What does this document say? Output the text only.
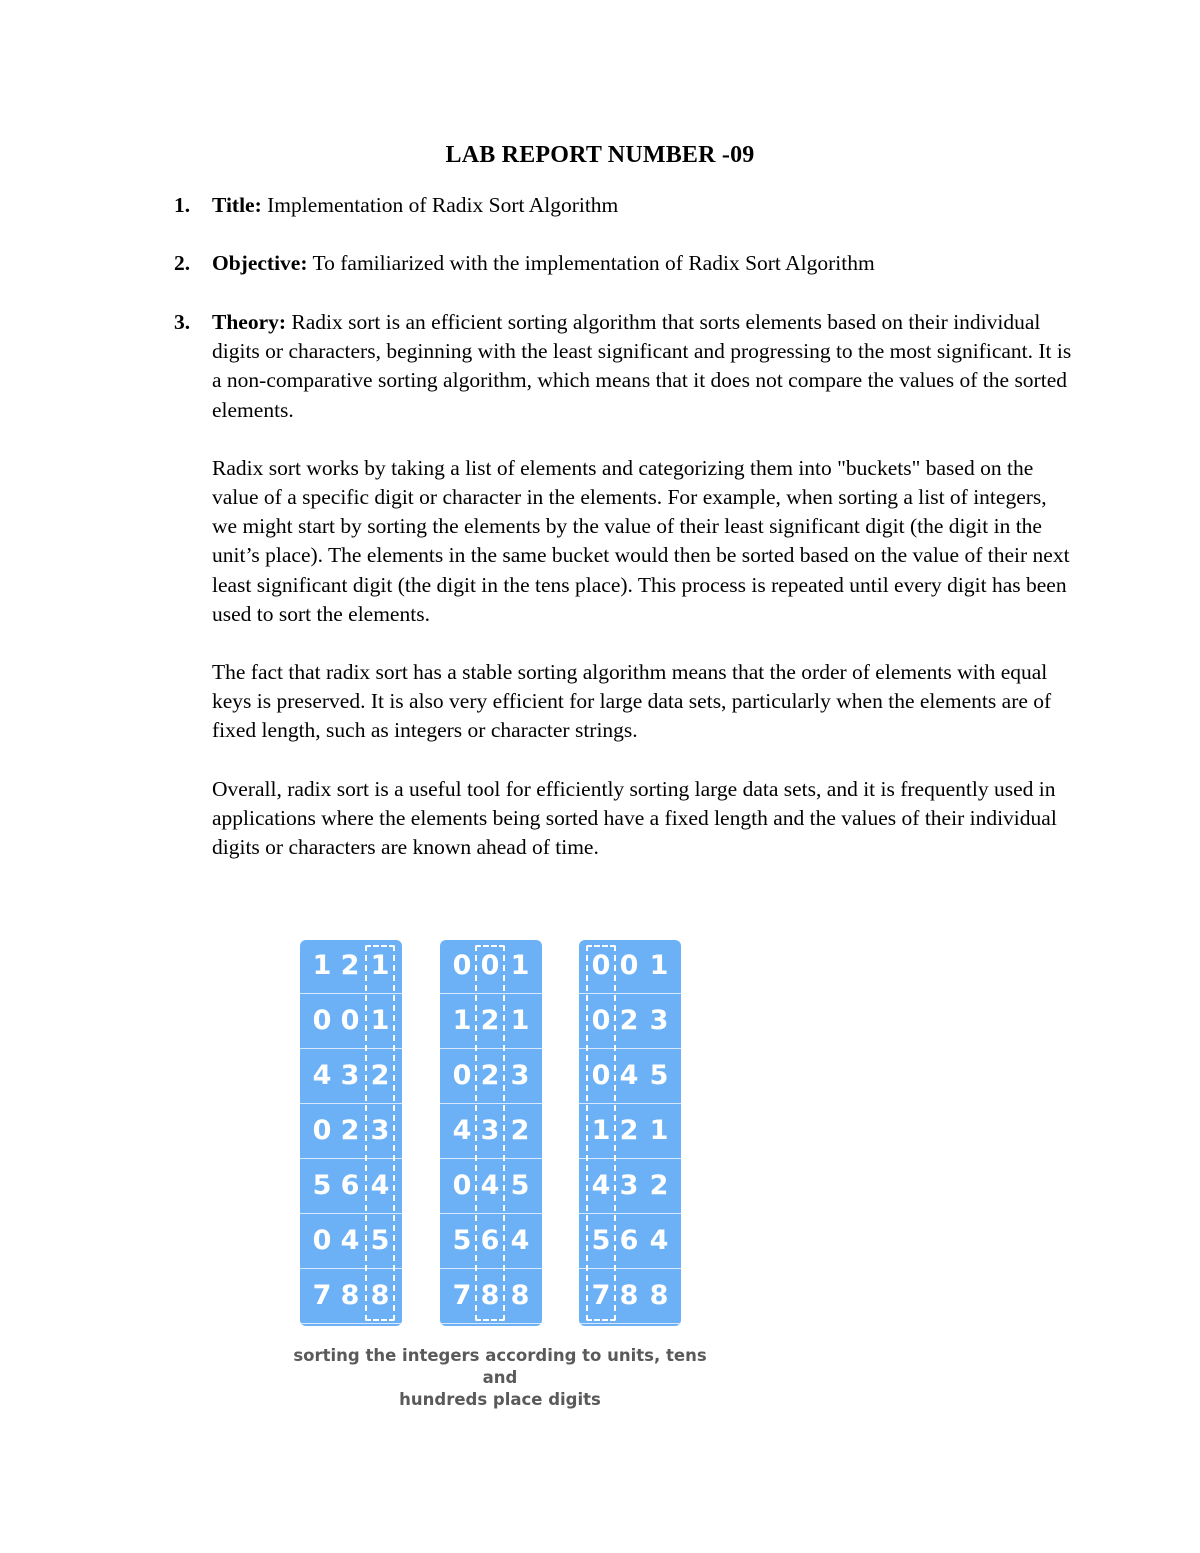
LAB REPORT NUMBER -09
1. Title: Implementation of Radix Sort Algorithm
2. Objective: To familiarized with the implementation of Radix Sort Algorithm
3. Theory: Radix sort is an efficient sorting algorithm that sorts elements based on their individual digits or characters, beginning with the least significant and progressing to the most significant. It is a non-comparative sorting algorithm, which means that it does not compare the values of the sorted elements.
Radix sort works by taking a list of elements and categorizing them into "buckets" based on the value of a specific digit or character in the elements. For example, when sorting a list of integers, we might start by sorting the elements by the value of their least significant digit (the digit in the unit’s place). The elements in the same bucket would then be sorted based on the value of their next least significant digit (the digit in the tens place). This process is repeated until every digit has been used to sort the elements.
The fact that radix sort has a stable sorting algorithm means that the order of elements with equal keys is preserved. It is also very efficient for large data sets, particularly when the elements are of fixed length, such as integers or character strings.
Overall, radix sort is a useful tool for efficiently sorting large data sets, and it is frequently used in applications where the elements being sorted have a fixed length and the values of their individual digits or characters are known ahead of time.
1 2 1
0 0 1
4 3 2
0 2 3
5 6 4
0 4 5
7 8 8
0 0 1
1 2 1
0 2 3
4 3 2
0 4 5
5 6 4
7 8 8
0 0 1
0 2 3
0 4 5
1 2 1
4 3 2
5 6 4
7 8 8
sorting the integers according to units, tens and
hundreds place digits
